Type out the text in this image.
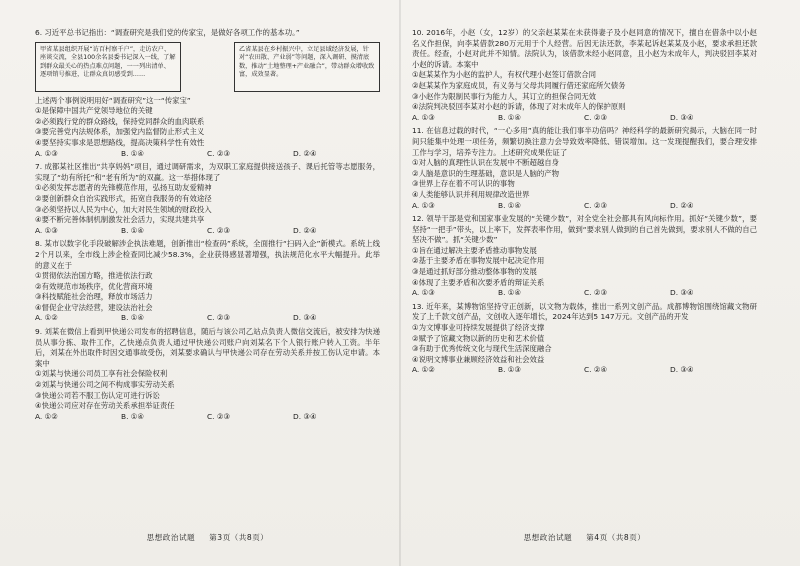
6. 习近平总书记指出：“调查研究是我们党的传家宝，是做好各项工作的基本功。”

甲省某县组织开展“访百村察千户”，走访农户、座谈交流，全县100余名县委书记深入一线，了解到群众最关心的热点难点问题，一一列出清单、逐项销号推进，让群众真切感受到……
乙省某县在乡村振兴中，立足县域经济发展，针对“农田散、产业弱”等问题，深入调研、摸清底数，推动“土地整理+产业融合”，带动群众增收致富，成效显著。

上述两个事例说明用好“调查研究”这一“传家宝”

①是保障中国共产党领导地位的关键

②必须践行党的群众路线，保持党同群众的血肉联系

③要完善党内法规体系，加强党内监督防止形式主义

④要坚持实事求是思想路线，提高决策科学性有效性

A. ①③	B. ①④	C. ②③	D. ②④

7. 成都某社区推出“共享妈妈”项目，通过调研需求，为双职工家庭提供接送孩子、课后托管等志愿服务，实现了“幼有所托”和“老有所为”的双赢。这一举措体现了

①必须发挥志愿者的先锋模范作用，弘扬互助友爱精神

②要创新群众自治实践形式，拓宽自我服务的有效途径

③必须坚持以人民为中心，加大对民生领域的财政投入

④要不断完善体制机制激发社会活力，实现共建共享

A. ①③	B. ①④	C. ②③	D. ②④

8. 某市以数字化手段破解涉企执法难题，创新推出“检查码”系统，全面推行“扫码入企”新模式。系统上线2个月以来，全市线上涉企检查同比减少58.3%，企业获得感显著增强，执法规范化水平大幅提升。此举的意义在于

①贯彻依法治国方略，推进依法行政

②有效规范市场秩序，优化营商环境

③科技赋能社会治理，释放市场活力

④督促企业守法经营，建设法治社会

A. ①②	B. ①④	C. ②③	D. ③④

9. 刘某在微信上看到甲快递公司发布的招聘信息，随后与该公司乙站点负责人微信交流后，被安排为快递员从事分拣、取件工作，乙快递点负责人通过甲快递公司账户向刘某名下个人银行账户转入工资。半年后，刘某在外出取件时因交通事故受伤，刘某要求确认与甲快递公司存在劳动关系并按工伤认定申请。本案中

①刘某与快递公司员工享有社会保险权利

②刘某与快递公司之间不构成事实劳动关系

③快递公司若不服工伤认定可进行诉讼

④快递公司应对存在劳动关系承担举证责任

A. ①②	B. ①④	C. ②③	D. ③④
思想政治试题 第3页（共8页）

10. 2016年，小赵（女，12岁）的父亲赵某某在未获得妻子及小赵同意的情况下，擅自在借条中以小赵名义作担保，向李某借款280万元用于个人经营。后因无法还款，李某起诉赵某某及小赵，要求承担还款责任。经查，小赵对此并不知情。法院认为，该借款未经小赵同意，且小赵为未成年人，判决驳回李某对小赵的诉请。本案中

①赵某某作为小赵的监护人，有权代理小赵签订借款合同

②赵某某作为家庭成员，有义务与父母共同履行借还家庭所欠债务

③小赵作为限制民事行为能力人，其订立的担保合同无效

④法院判决驳回李某对小赵的诉请，体现了对未成年人的保护原则

A. ①③	B. ①④	C. ②③	D. ③④

11. 在信息过载的时代，“一心多用”真的能让我们事半功倍吗？神经科学的最新研究揭示，大脑在同一时间只能集中处理一项任务，频繁切换注意力会导致效率降低、错误增加。这一发现提醒我们，要合理安排工作与学习，培养专注力。上述研究成果佐证了

①对人脑的真理性认识在发展中不断超越自身

②人脑是意识的生理基础，意识是人脑的产物

③世界上存在着不可认识的事物

④人类能够认识并利用规律改造世界

A. ①③	B. ①④	C. ②③	D. ②④

12. 领导干部是党和国家事业发展的“关键少数”，对全党全社会都具有风向标作用。抓好“关键少数”，要坚持“一把手”带头，以上率下，发挥表率作用，做到“要求别人做到的自己首先做到，要求别人不做的自己坚决不做”。抓“关键少数”

①旨在通过解决主要矛盾推动事物发展

②基于主要矛盾在事物发展中起决定作用

③是通过抓好部分推动整体事物的发展

④体现了主要矛盾和次要矛盾的辩证关系

A. ①③	B. ①④	C. ②③	D. ③④

13. 近年来，某博物馆坚持守正创新，以文物为载体，推出一系列文创产品。成都博物馆围绕馆藏文物研发了上千款文创产品，文创收入逐年增长，2024年达到5 147万元。文创产品的开发

①为文博事业可持续发展提供了经济支撑

②赋予了馆藏文物以新的历史和艺术价值

③有助于优秀传统文化与现代生活深度融合

④说明文博事业兼顾经济效益和社会效益

A. ①②	B. ①③	C. ②④	D. ③④
思想政治试题 第4页（共8页）
